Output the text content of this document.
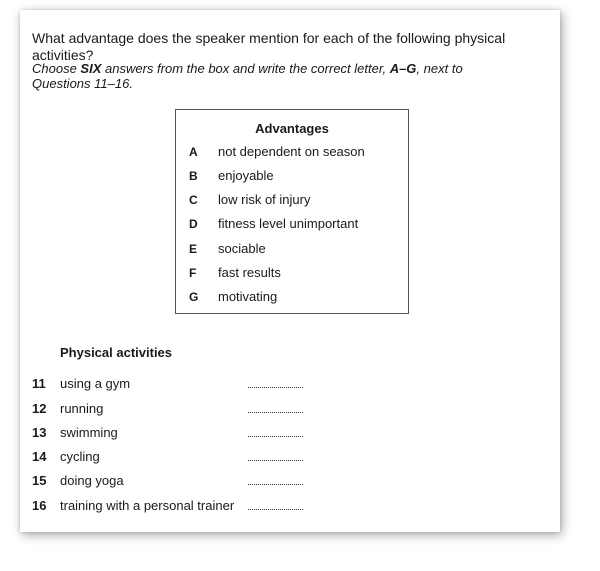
What advantage does the speaker mention for each of the following physical activities?
Choose SIX answers from the box and write the correct letter, A–G, next to Questions 11–16.
Advantages
A not dependent on season
B enjoyable
C low risk of injury
D fitness level unimportant
E	sociable
F	fast results
G motivating
Physical activities
11 using a gym
12 running
13 swimming
14 cycling
15 doing yoga
16 training with a personal trainer
